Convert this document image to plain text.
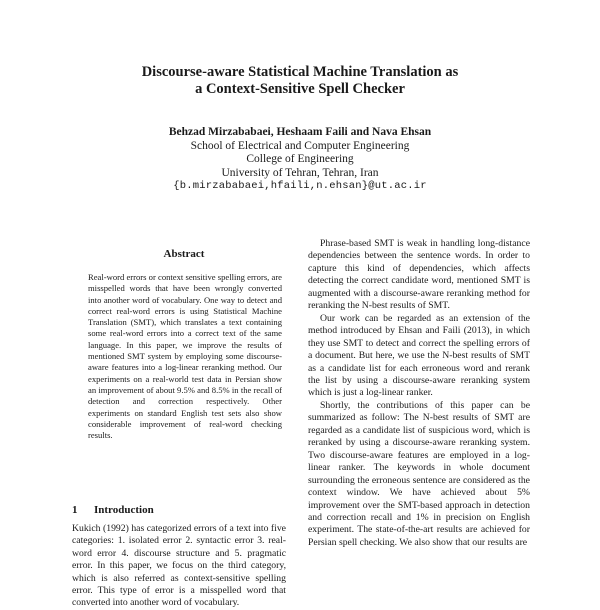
Discourse-aware Statistical Machine Translation as
a Context-Sensitive Spell Checker
Behzad Mirzababaei, Heshaam Faili and Nava Ehsan
School of Electrical and Computer Engineering
College of Engineering
University of Tehran, Tehran, Iran
{b.mirzababaei,hfaili,n.ehsan}@ut.ac.ir
Abstract

Real-word errors or context sensitive spelling errors, are misspelled words that have been wrongly converted into another word of vocabulary. One way to detect and correct real-word errors is using Statistical Machine Translation (SMT), which translates a text containing some real-word errors into a correct text of the same language. In this paper, we improve the results of mentioned SMT system by employing some discourse-aware features into a log-linear reranking method. Our experiments on a real-world test data in Persian show an improvement of about 9.5% and 8.5% in the recall of detection and correction respectively. Other experiments on standard English test sets also show considerable improvement of real-word checking results.

1 Introduction

Kukich (1992) has categorized errors of a text into five categories: 1. isolated error 2. syntactic error 3. real-word error 4. discourse structure and 5. pragmatic error. In this paper, we focus on the third category, which is also referred as context-sensitive spelling error. This type of error is a misspelled word that converted into another word of vocabulary.

Phrase-based SMT is weak in handling long-distance dependencies between the sentence words. In order to capture this kind of dependencies, which affects detecting the correct candidate word, mentioned SMT is augmented with a discourse-aware reranking method for reranking the N-best results of SMT.

Our work can be regarded as an extension of the method introduced by Ehsan and Faili (2013), in which they use SMT to detect and correct the spelling errors of a document. But here, we use the N-best results of SMT as a candidate list for each erroneous word and rerank the list by using a discourse-aware reranking system which is just a log-linear ranker.

Shortly, the contributions of this paper can be summarized as follow: The N-best results of SMT are regarded as a candidate list of suspicious word, which is reranked by using a discourse-aware reranking system. Two discourse-aware features are employed in a log-linear ranker. The keywords in whole document surrounding the erroneous sentence are considered as the context window. We have achieved about 5% improvement over the SMT-based approach in detection and correction recall and 1% in precision on English experiment. The state-of-the-art results are achieved for Persian spell checking. We also show that our results are
